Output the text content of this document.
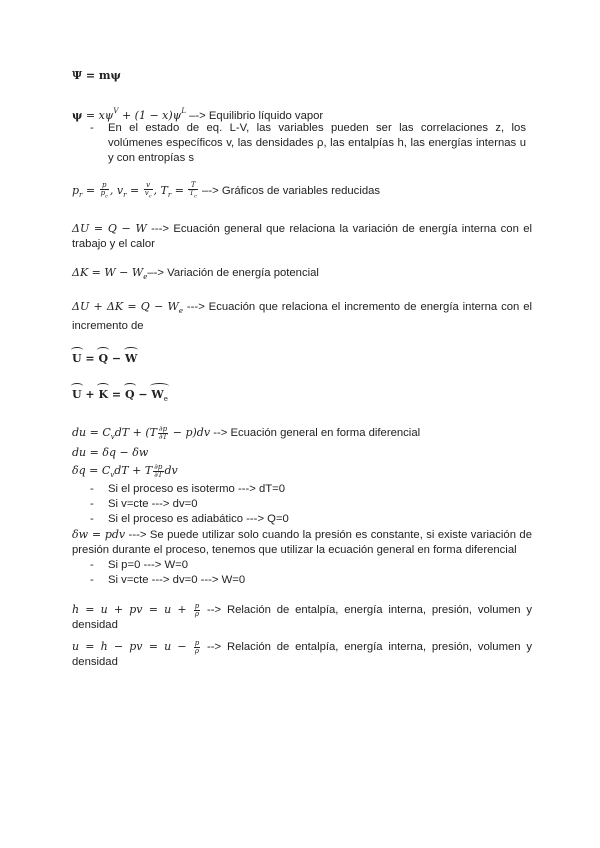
Ψ = mψ
$\psi = x\psi^V + (1 - x)\psi^L$ –-> Equilibrio líquido vapor
- En el estado de eq. L-V, las variables pueden ser las correlaciones z, los volúmenes específicos v, las densidades ρ, las entalpías h, las energías internas u y con entropías s
$p_r = \frac{p}{p_c}$ , $v_r = \frac{v}{v_c}$ , $T_r = \frac{T}{T_c}$ –-> Gráficos de variables reducidas
ΔU = Q − W ---> Ecuación general que relaciona la variación de energía interna con el trabajo y el calor
$\Delta K = W - W_e-->$ Variación de energía potencial
$\Delta U + \Delta K = Q - W_e$ ---> Ecuación que relaciona el incremento de energía interna con el incremento de
U = Q − W
$U + K = Q - W_e$
du = $C_vdT + (T \frac{\partial p}{\partial T} - p)dv$ --> Ecuación general en forma diferencial
du = δq − δw
$\delta q = C_vdT + T \frac{\partial p}{\partial T}$ dv
- Si el proceso es isotermo ---> dT=0
- Si v=cte ---> dv=0
- Si el proceso es adiabático ---> Q=0
δw = pdv ---> Se puede utilizar solo cuando la presión es constante, si existe variación de presión durante el proceso, tenemos que utilizar la ecuación general en forma diferencial
- Si p=0 ---> W=0
- Si v=cte ---> dv=0 ---> W=0
h = u + pv = $u + \frac{p}{\rho}$ --> Relación de entalpía, energía interna, presión, volumen y densidad
u = h − pv = $u - \frac{p}{\rho}$ --> Relación de entalpía, energía interna, presión, volumen y densidad
